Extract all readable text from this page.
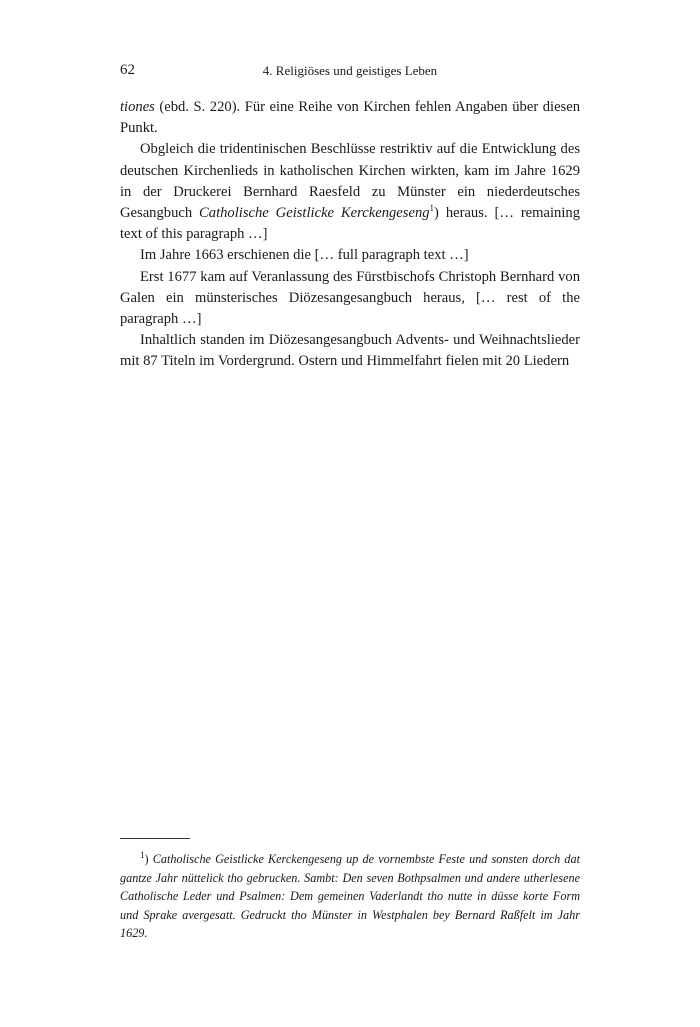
62	4. Religiöses und geistiges Leben

tiones (ebd. S. 220). Für eine Reihe von Kirchen fehlen Angaben über diesen Punkt.

Obgleich die tridentinischen Beschlüsse restriktiv auf die Entwicklung des deutschen Kirchenlieds in katholischen Kirchen wirkten, kam im Jahre 1629 in der Druckerei Bernhard Raesfeld zu Münster ein niederdeutsches Gesangbuch Catholische Geistlicke Kerckengeseng$^1$) heraus. [… remaining text of this paragraph …]

Im Jahre 1663 erschienen die [… full paragraph text …]

Erst 1677 kam auf Veranlassung des Fürstbischofs Christoph Bernhard von Galen ein münsterisches Diözesangesangbuch heraus, [… rest of the paragraph …]

Inhaltlich standen im Diözesangesangbuch Advents- und Weihnachtslieder mit 87 Titeln im Vordergrund. Ostern und Himmelfahrt fielen mit 20 Liedern

$^1$) Catholische Geistlicke Kerckengeseng up de vornembste Feste und sonsten dorch dat gantze Jahr nüttelick tho gebrucken. Sambt: Den seven Bothpsalmen und andere utherlesene Catholische Leder und Psalmen: Dem gemeinen Vaderlandt tho nutte in düsse korte Form und Sprake avergesatt. Gedruckt tho Münster in Westphalen bey Bernard Raßfelt im Jahr 1629.
